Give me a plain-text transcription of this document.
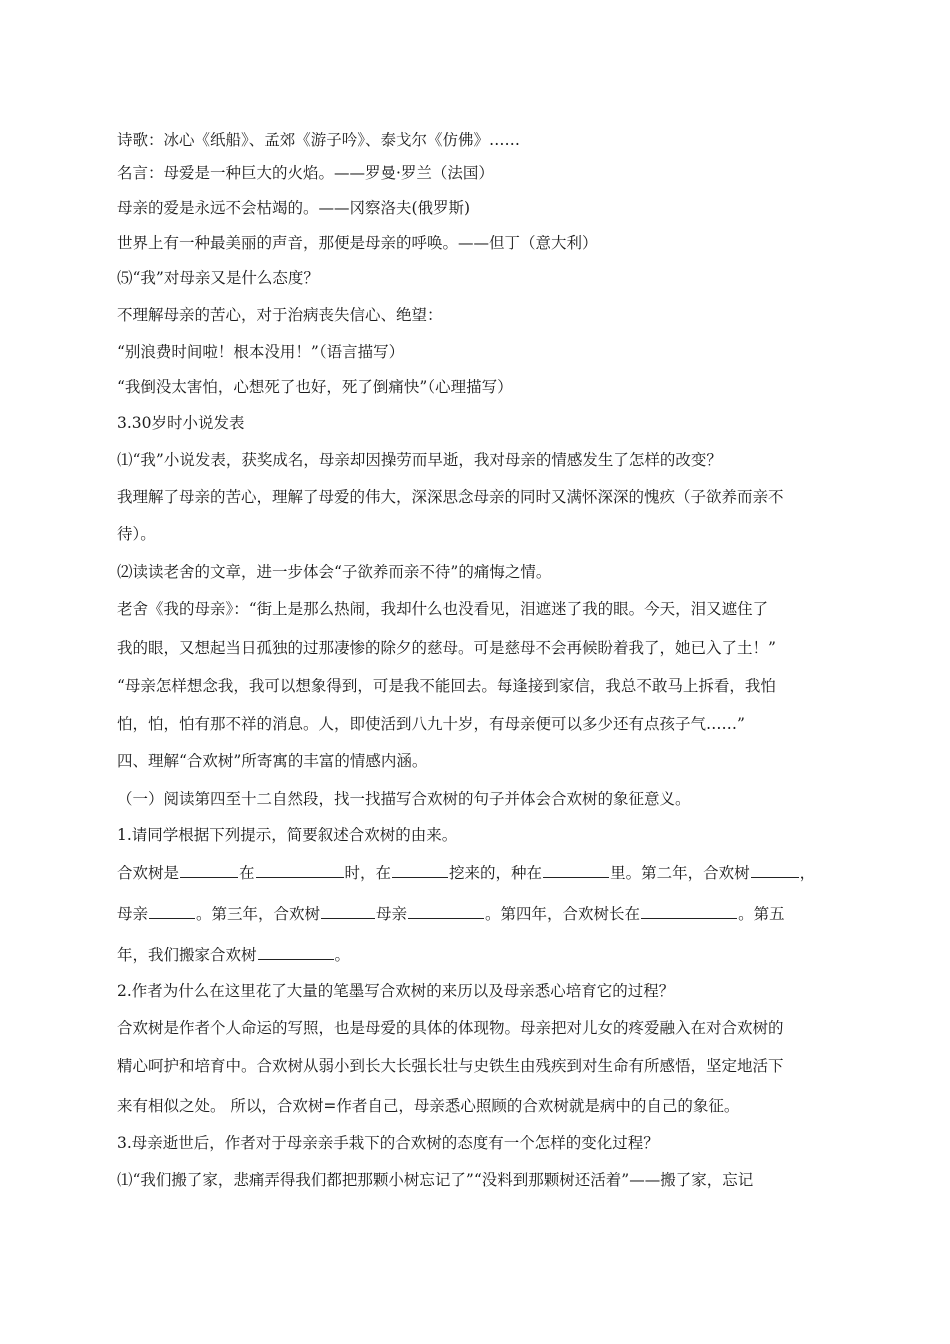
诗歌：冰心《纸船》、孟郊《游子吟》、泰戈尔《仿佛》……
名言：母爱是一种巨大的火焰。——罗曼·罗兰（法国）
母亲的爱是永远不会枯竭的。——冈察洛夫(俄罗斯)
世界上有一种最美丽的声音，那便是母亲的呼唤。——但丁（意大利）
⑸“我”对母亲又是什么态度？
不理解母亲的苦心，对于治病丧失信心、绝望：
“别浪费时间啦！根本没用！”（语言描写）
“我倒没太害怕，心想死了也好，死了倒痛快”（心理描写）
3.30岁时小说发表
⑴“我”小说发表，获奖成名，母亲却因操劳而早逝，我对母亲的情感发生了怎样的改变？
我理解了母亲的苦心，理解了母爱的伟大，深深思念母亲的同时又满怀深深的愧疚（子欲养而亲不
待）。
⑵读读老舍的文章，进一步体会“子欲养而亲不待”的痛悔之情。
老舍《我的母亲》：“街上是那么热闹，我却什么也没看见，泪遮迷了我的眼。今天，泪又遮住了
我的眼，又想起当日孤独的过那凄惨的除夕的慈母。可是慈母不会再候盼着我了，她已入了土！”
“母亲怎样想念我，我可以想象得到，可是我不能回去。每逢接到家信，我总不敢马上拆看，我怕
怕，怕，怕有那不祥的消息。人，即使活到八九十岁，有母亲便可以多少还有点孩子气……”
四、理解“合欢树”所寄寓的丰富的情感内涵。
（一）阅读第四至十二自然段，找一找描写合欢树的句子并体会合欢树的象征意义。
1.请同学根据下列提示，简要叙述合欢树的由来。
合欢树是	在	时，在	挖来的，种在	里。第二年，合欢树	，
母亲	。第三年，合欢树	母亲	。第四年，合欢树长在	。第五
年，我们搬家合欢树	。
2.作者为什么在这里花了大量的笔墨写合欢树的来历以及母亲悉心培育它的过程？
合欢树是作者个人命运的写照，也是母爱的具体的体现物。母亲把对儿女的疼爱融入在对合欢树的
精心呵护和培育中。合欢树从弱小到长大长强长壮与史铁生由残疾到对生命有所感悟，坚定地活下
来有相似之处。 所以，合欢树=作者自己，母亲悉心照顾的合欢树就是病中的自己的象征。
3.母亲逝世后，作者对于母亲亲手栽下的合欢树的态度有一个怎样的变化过程？
⑴“我们搬了家，悲痛弄得我们都把那颗小树忘记了”“没料到那颗树还活着”——搬了家，忘记
